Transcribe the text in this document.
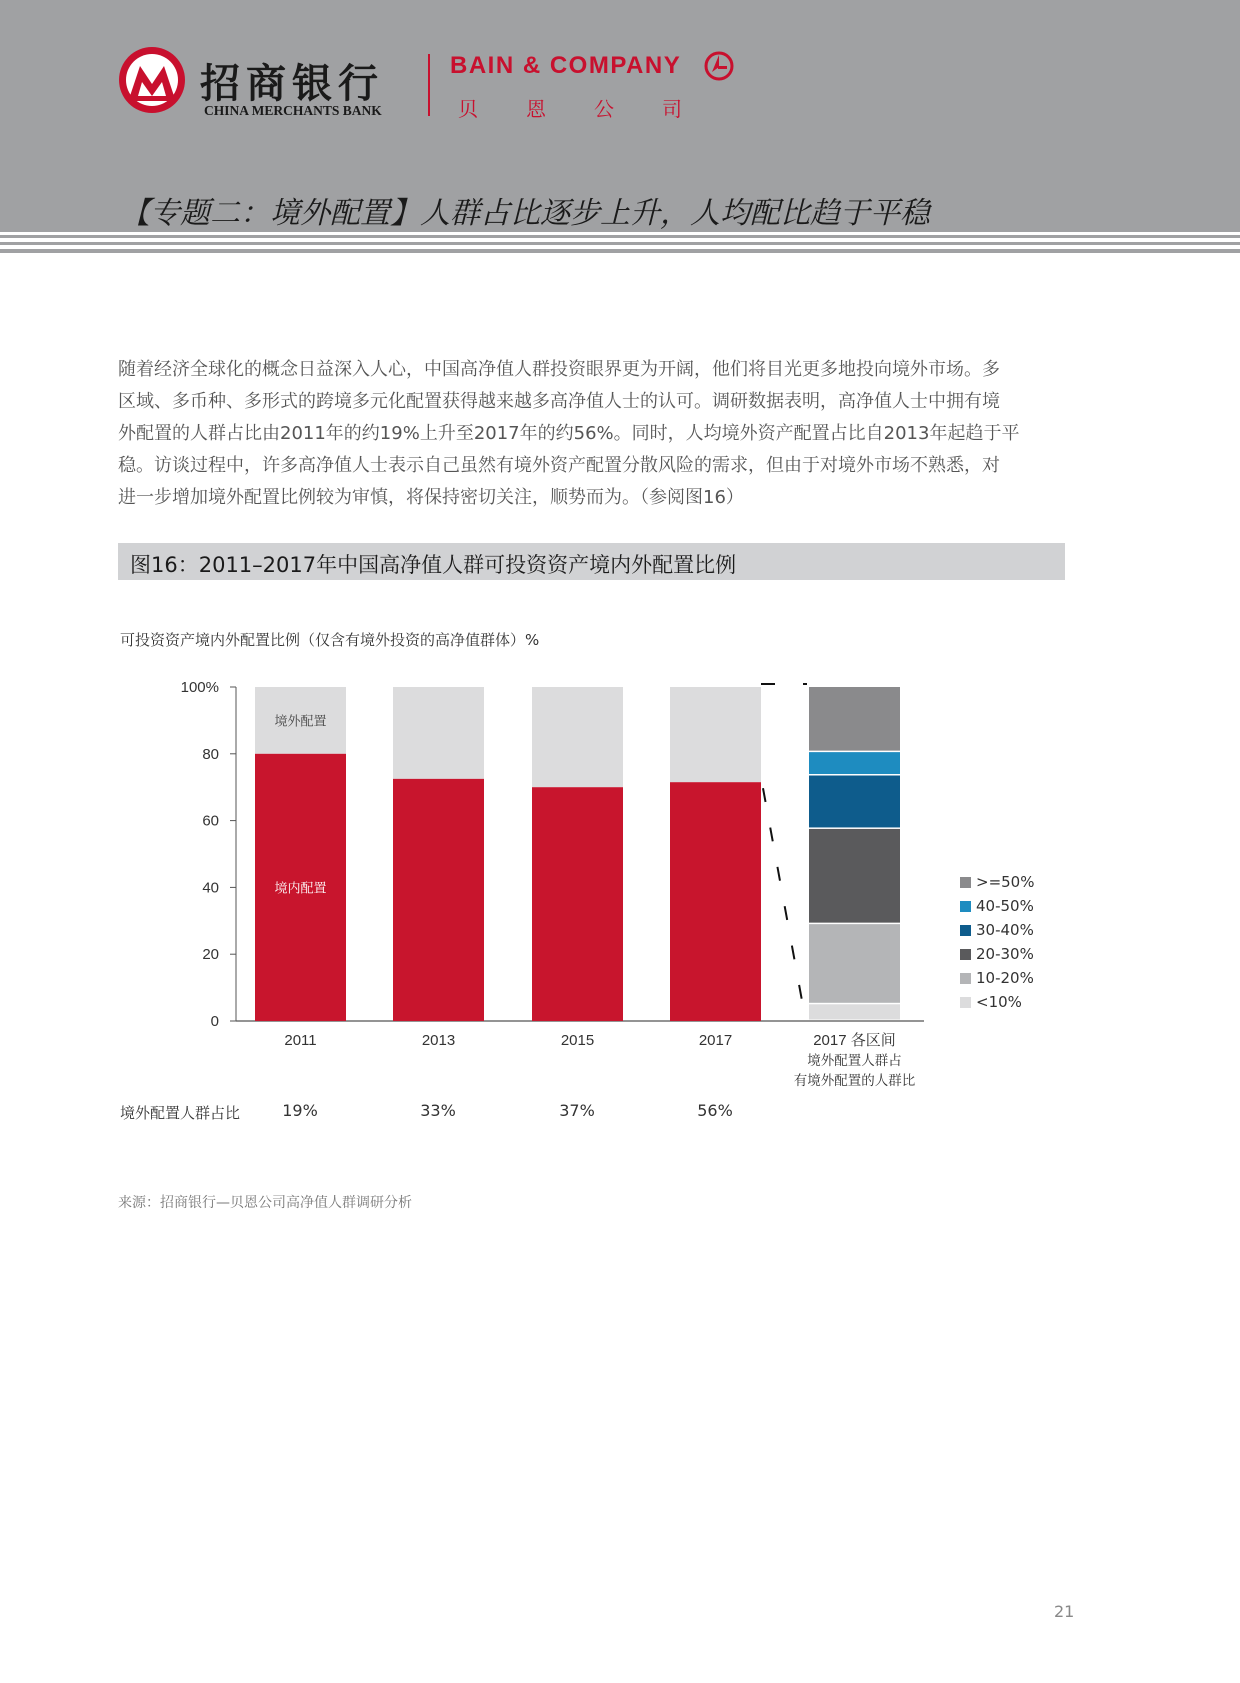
招商银行
CHINA MERCHANTS BANK
BAIN & COMPANY
贝 恩 公 司
【专题二：境外配置】人群占比逐步上升，人均配比趋于平稳

随着经济全球化的概念日益深入人心，中国高净值人群投资眼界更为开阔，他们将目光更多地投向境外市场。多

区域、多币种、多形式的跨境多元化配置获得越来越多高净值人士的认可。调研数据表明，高净值人士中拥有境

外配置的人群占比由2011年的约19%上升至2017年的约56%。同时，人均境外资产配置占比自2013年起趋于平

稳。访谈过程中，许多高净值人士表示自己虽然有境外资产配置分散风险的需求，但由于对境外市场不熟悉，对

进一步增加境外配置比例较为审慎，将保持密切关注，顺势而为。（参阅图16）

图16：2011–2017年中国高净值人群可投资资产境内外配置比例
可投资资产境内外配置比例（仅含有境外投资的高净值群体）%
0
20
40
60
80
100%
2011	2013	2015	2017
境外配置
境内配置
2017 各区间
境外配置人群占
有境外配置的人群比
>=50%
40-50%
30-40%
20-30%
10-20%
<10%
境外配置人群占比	19%	33%	37%	56%
来源：招商银行—贝恩公司高净值人群调研分析
21
